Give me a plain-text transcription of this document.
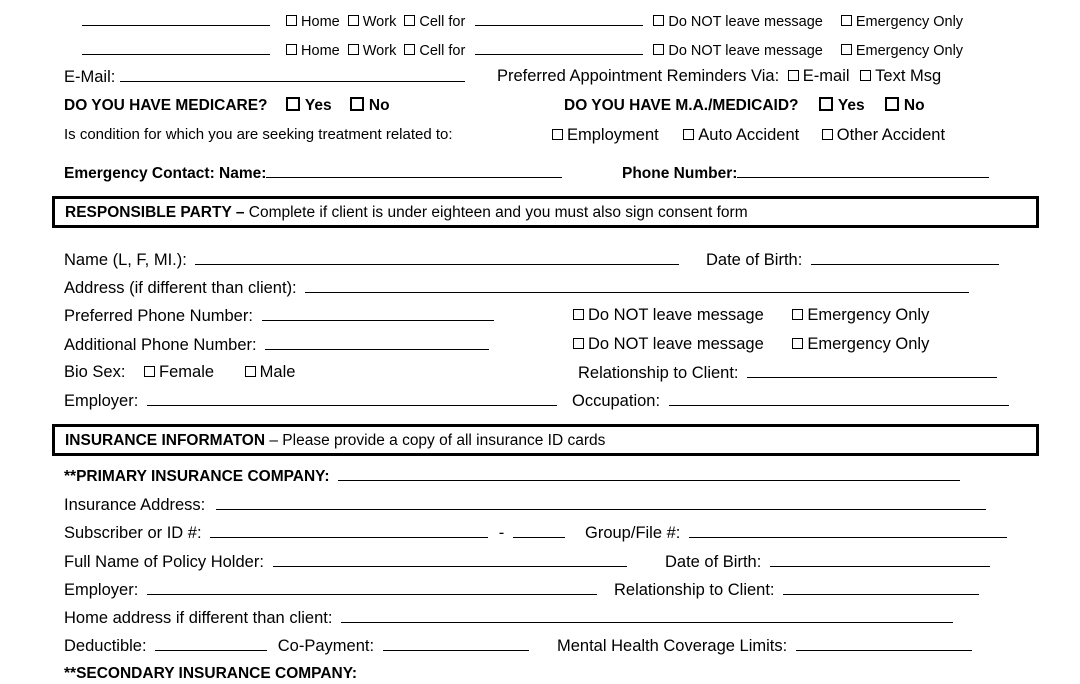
Home Work Cell for	Do NOT leave message Emergency Only
Home Work Cell for	Do NOT leave message Emergency Only
E-Mail:	Preferred Appointment Reminders Via: E-mail Text Msg
DO YOU HAVE MEDICARE? Yes No	DO YOU HAVE M.A./MEDICAID?	Yes	No
Is condition for which you are seeking treatment related to:	Employment Auto Accident Other Accident
Emergency Contact: Name:	Phone Number:
RESPONSIBLE PARTY – Complete if client is under eighteen and you must also sign consent form
Name (L, F, MI.):	Date of Birth:
Address (if different than client):
Preferred Phone Number:	Do NOT leave message	Emergency Only
Additional Phone Number:	Do NOT leave message	Emergency Only
Bio Sex: Female	Male	Relationship to Client:
Employer:	Occupation:
INSURANCE INFORMATON – Please provide a copy of all insurance ID cards
**PRIMARY INSURANCE COMPANY:
Insurance Address:
Subscriber or ID #:	-	Group/File #:
Full Name of Policy Holder:	Date of Birth:
Employer:	Relationship to Client:
Home address if different than client:
Deductible:	Co-Payment:	Mental Health Coverage Limits:
**SECONDARY INSURANCE COMPANY:
